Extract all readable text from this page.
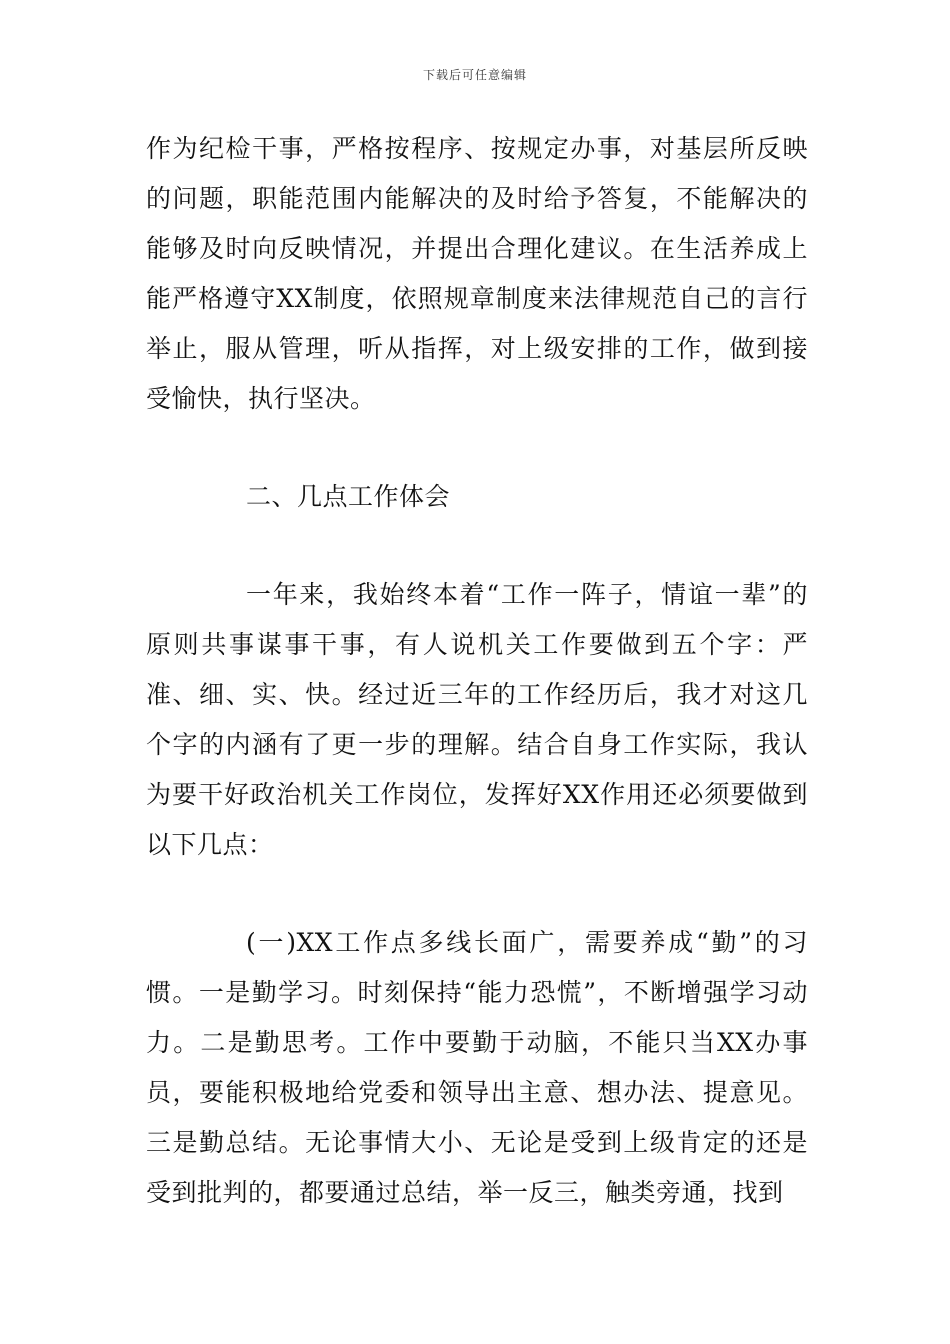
下载后可任意编辑

作为纪检干事，严格按程序、按规定办事，对基层所反映的问题，职能范围内能解决的及时给予答复，不能解决的能够及时向反映情况，并提出合理化建议。在生活养成上能严格遵守XX制度，依照规章制度来法律规范自己的言行举止，服从管理，听从指挥，对上级安排的工作，做到接受愉快，执行坚决。

二、几点工作体会

一年来，我始终本着“工作一阵子，情谊一辈”的原则共事谋事干事，有人说机关工作要做到五个字：严准、细、实、快。经过近三年的工作经历后，我才对这几个字的内涵有了更一步的理解。结合自身工作实际，我认为要干好政治机关工作岗位，发挥好XX作用还必须要做到以下几点：

(一)XX工作点多线长面广，需要养成“勤”的习惯。一是勤学习。时刻保持“能力恐慌”，不断增强学习动力。二是勤思考。工作中要勤于动脑，不能只当XX办事员，要能积极地给党委和领导出主意、想办法、提意见。三是勤总结。无论事情大小、无论是受到上级肯定的还是受到批判的，都要通过总结，举一反三，触类旁通，找到
